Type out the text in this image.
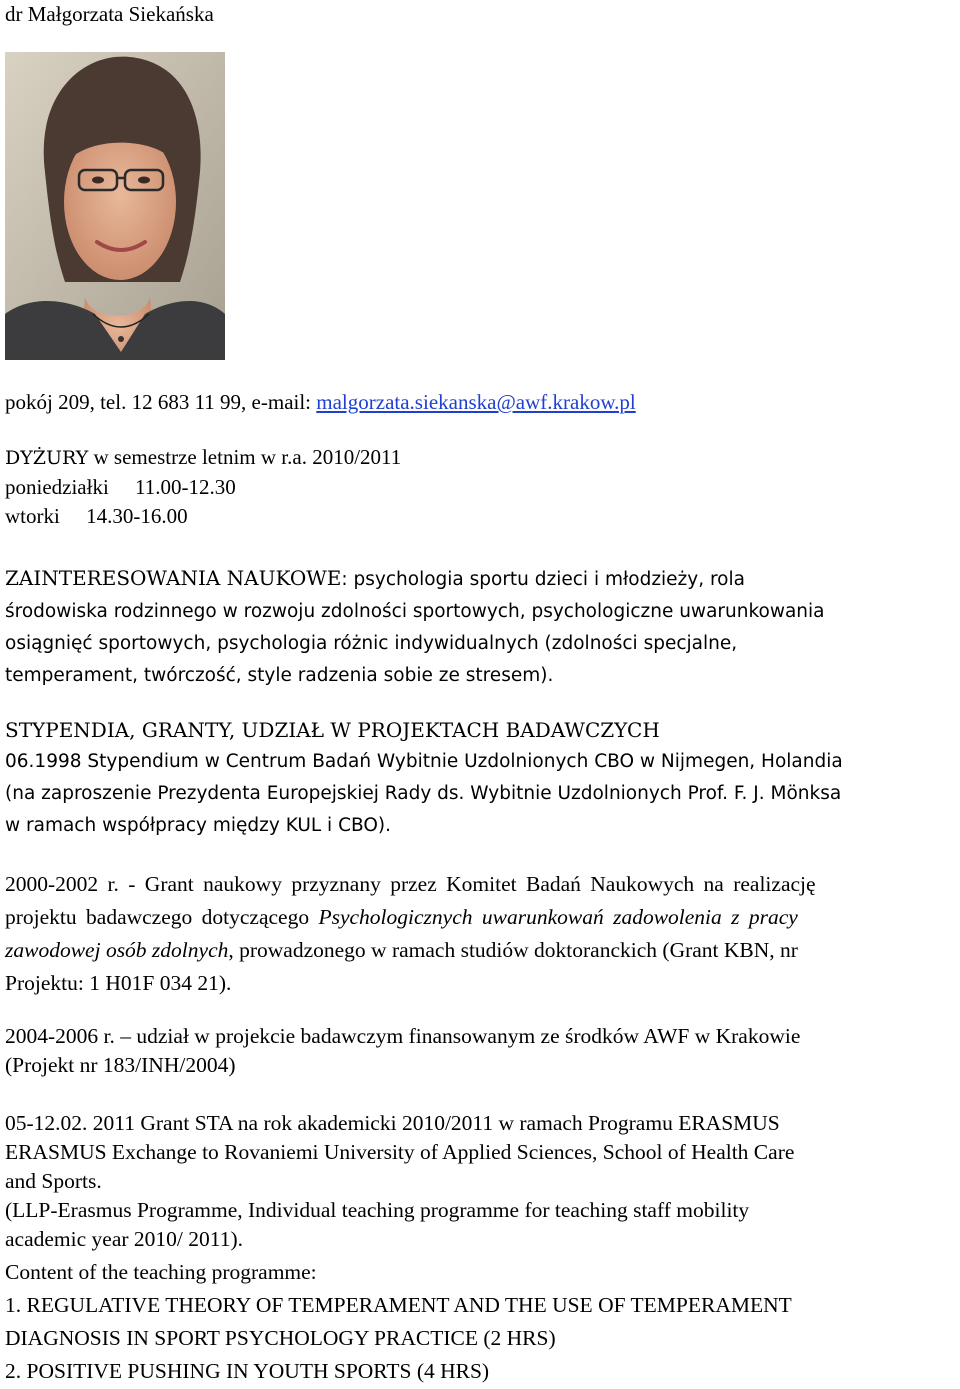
dr Małgorzata Siekańska
pokój 209, tel. 12 683 11 99, e-mail: malgorzata.siekanska@awf.krakow.pl
DYŻURY w semestrze letnim w r.a. 2010/2011
poniedziałki     11.00-12.30
wtorki     14.30-16.00
ZAINTERESOWANIA NAUKOWE: psychologia sportu dzieci i młodzieży, rola
środowiska rodzinnego w rozwoju zdolności sportowych, psychologiczne uwarunkowania
osiągnięć sportowych, psychologia różnic indywidualnych (zdolności specjalne,
temperament, twórczość, style radzenia sobie ze stresem).
STYPENDIA, GRANTY, UDZIAŁ W PROJEKTACH BADAWCZYCH
06.1998 Stypendium w Centrum Badań Wybitnie Uzdolnionych CBO w Nijmegen, Holandia
(na zaproszenie Prezydenta Europejskiej Rady ds. Wybitnie Uzdolnionych Prof. F. J. Mönksa
w ramach współpracy między KUL i CBO).
2000-2002 r. - Grant naukowy przyznany przez Komitet Badań Naukowych na realizację
projektu badawczego dotyczącego Psychologicznych uwarunkowań zadowolenia z pracy
zawodowej osób zdolnych, prowadzonego w ramach studiów doktoranckich (Grant KBN, nr
Projektu: 1 H01F 034 21).
2004-2006 r. – udział w projekcie badawczym finansowanym ze środków AWF w Krakowie
(Projekt nr 183/INH/2004)
05-12.02. 2011 Grant STA na rok akademicki 2010/2011 w ramach Programu ERASMUS
ERASMUS Exchange to Rovaniemi University of Applied Sciences, School of Health Care
and Sports.
(LLP-Erasmus Programme, Individual teaching programme for teaching staff mobility
academic year 2010/ 2011).
Content of the teaching programme:
1. REGULATIVE THEORY OF TEMPERAMENT AND THE USE OF TEMPERAMENT
DIAGNOSIS IN SPORT PSYCHOLOGY PRACTICE (2 HRS)
2. POSITIVE PUSHING IN YOUTH SPORTS (4 HRS)
